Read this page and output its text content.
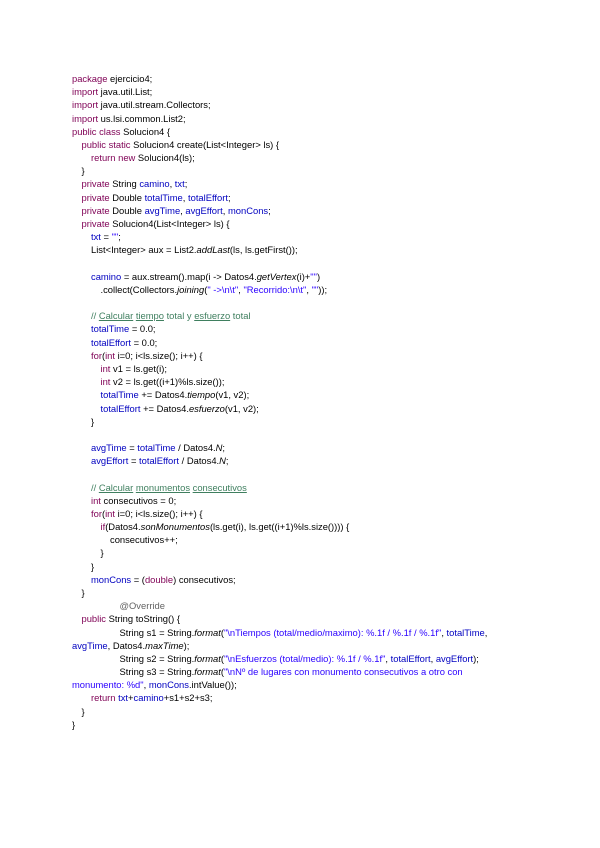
package ejercicio4;
import java.util.List;
import java.util.stream.Collectors;
import us.lsi.common.List2;
public class Solucion4 {
public static Solucion4 create(List<Integer> ls) {
return new Solucion4(ls);
}
private String camino, txt;
private Double totalTime, totalEffort;
private Double avgTime, avgEffort, monCons;
private Solucion4(List<Integer> ls) {
txt = "";
List<Integer> aux = List2.addLast(ls, ls.getFirst());
camino = aux.stream().map(i -> Datos4.getVertex(i)+"")
.collect(Collectors.joining(" ->\n\t", "Recorrido:\n\t", ""));
// Calcular tiempo total y esfuerzo total
totalTime = 0.0;
totalEffort = 0.0;
for(int i=0; i<ls.size(); i++) {
int v1 = ls.get(i);
int v2 = ls.get((i+1)%ls.size());
totalTime += Datos4.tiempo(v1, v2);
totalEffort += Datos4.esfuerzo(v1, v2);
}
avgTime = totalTime / Datos4.N;
avgEffort = totalEffort / Datos4.N;
// Calcular monumentos consecutivos
int consecutivos = 0;
for(int i=0; i<ls.size(); i++) {
if(Datos4.sonMonumentos(ls.get(i), ls.get((i+1)%ls.size()))) {
consecutivos++;
}
}
monCons = (double) consecutivos;
}
@Override
public String toString() {
String s1 = String.format("\nTiempos (total/medio/maximo): %.1f / %.1f / %.1f", totalTime,
avgTime, Datos4.maxTime);
String s2 = String.format("\nEsfuerzos (total/medio): %.1f / %.1f", totalEffort, avgEffort);
String s3 = String.format("\nNº de lugares con monumento consecutivos a otro con
monumento: %d", monCons.intValue());
return txt+camino+s1+s2+s3;
}
}
